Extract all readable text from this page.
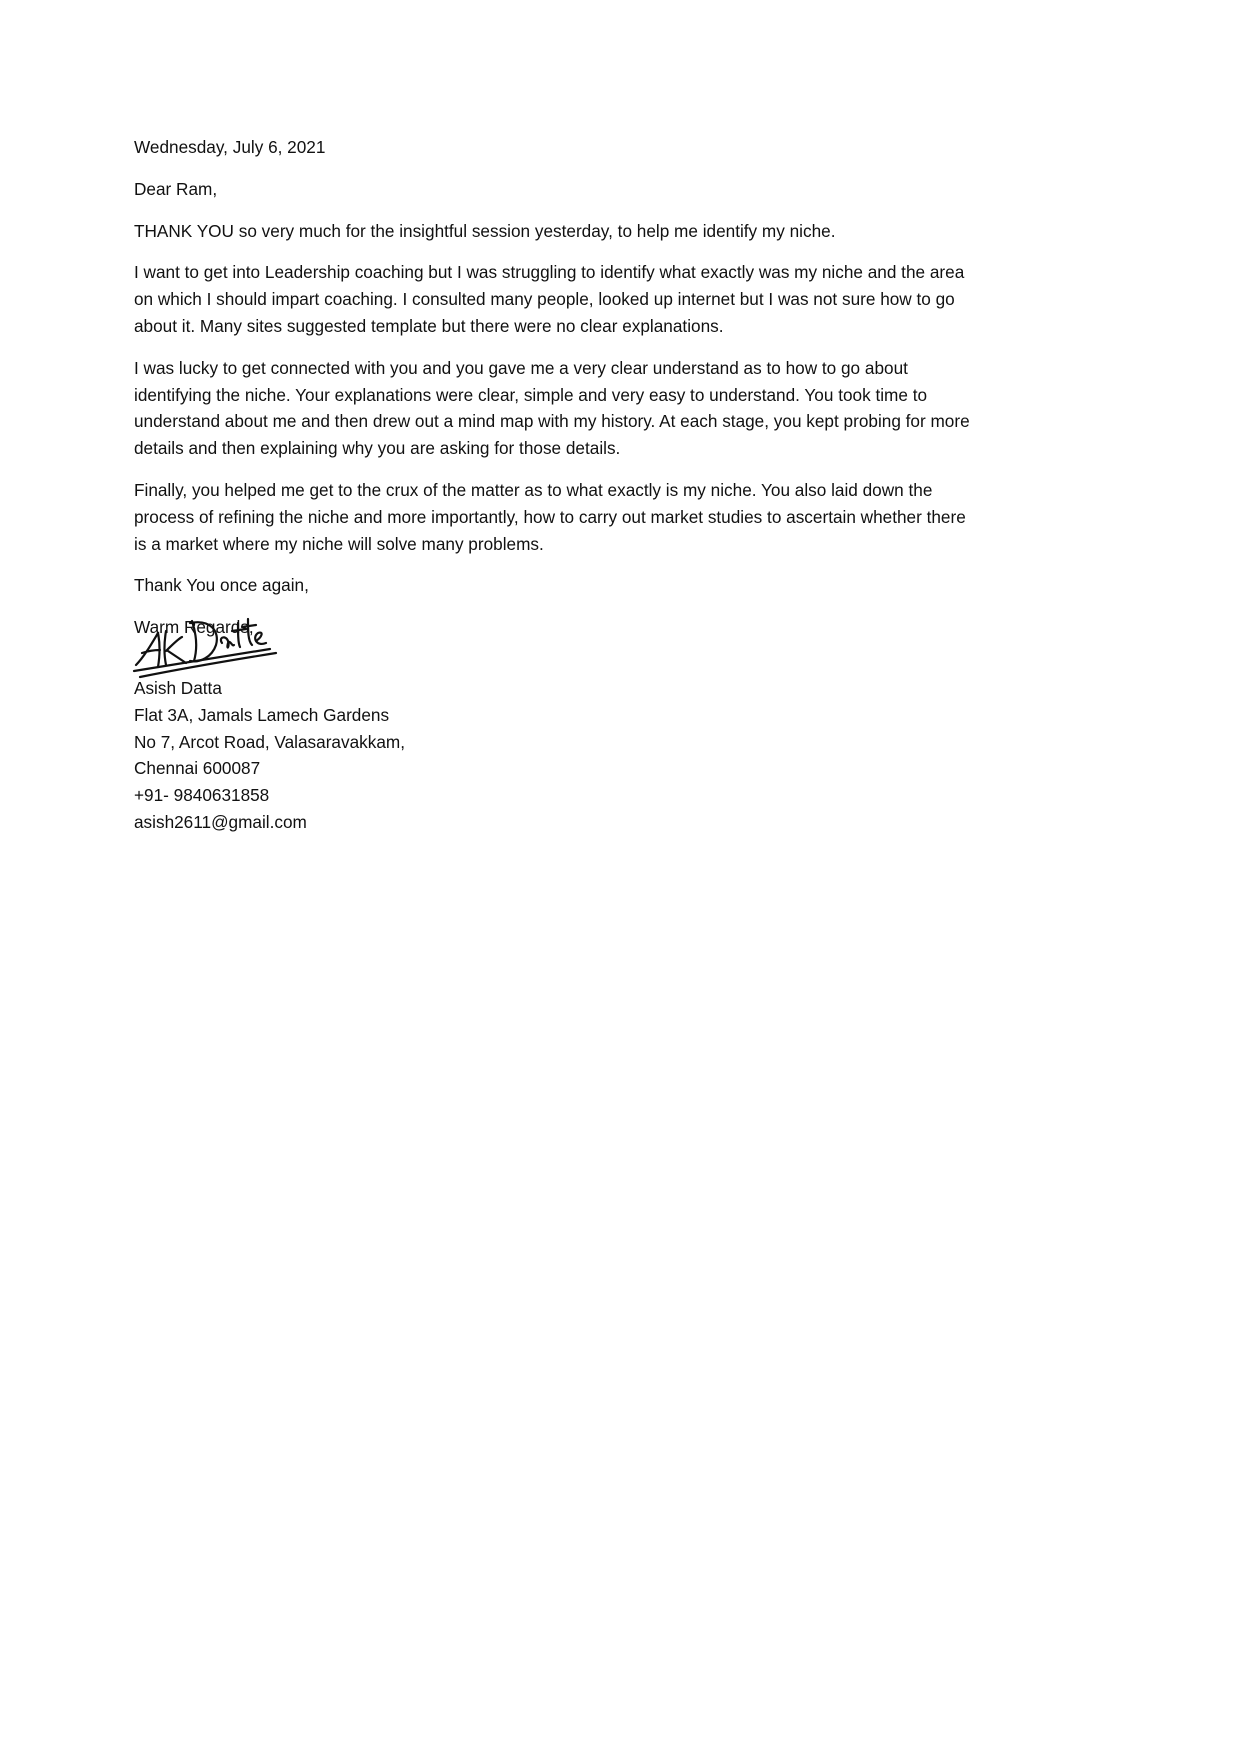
Wednesday, July 6, 2021

Dear Ram,

THANK YOU so very much for the insightful session yesterday, to help me identify my niche.

I want to get into Leadership coaching but I was struggling to identify what exactly was my niche and the area on which I should impart coaching. I consulted many people, looked up internet but I was not sure how to go about it. Many sites suggested template but there were no clear explanations.

I was lucky to get connected with you and you gave me a very clear understand as to how to go about identifying the niche. Your explanations were clear, simple and very easy to understand. You took time to understand about me and then drew out a mind map with my history. At each stage, you kept probing for more details and then explaining why you are asking for those details.

Finally, you helped me get to the crux of the matter as to what exactly is my niche. You also laid down the process of refining the niche and more importantly, how to carry out market studies to ascertain whether there is a market where my niche will solve many problems.

Thank You once again,

Warm Regards,

Asish Datta
Flat 3A, Jamals Lamech Gardens
No 7, Arcot Road, Valasaravakkam,
Chennai 600087
+91- 9840631858
asish2611@gmail.com
